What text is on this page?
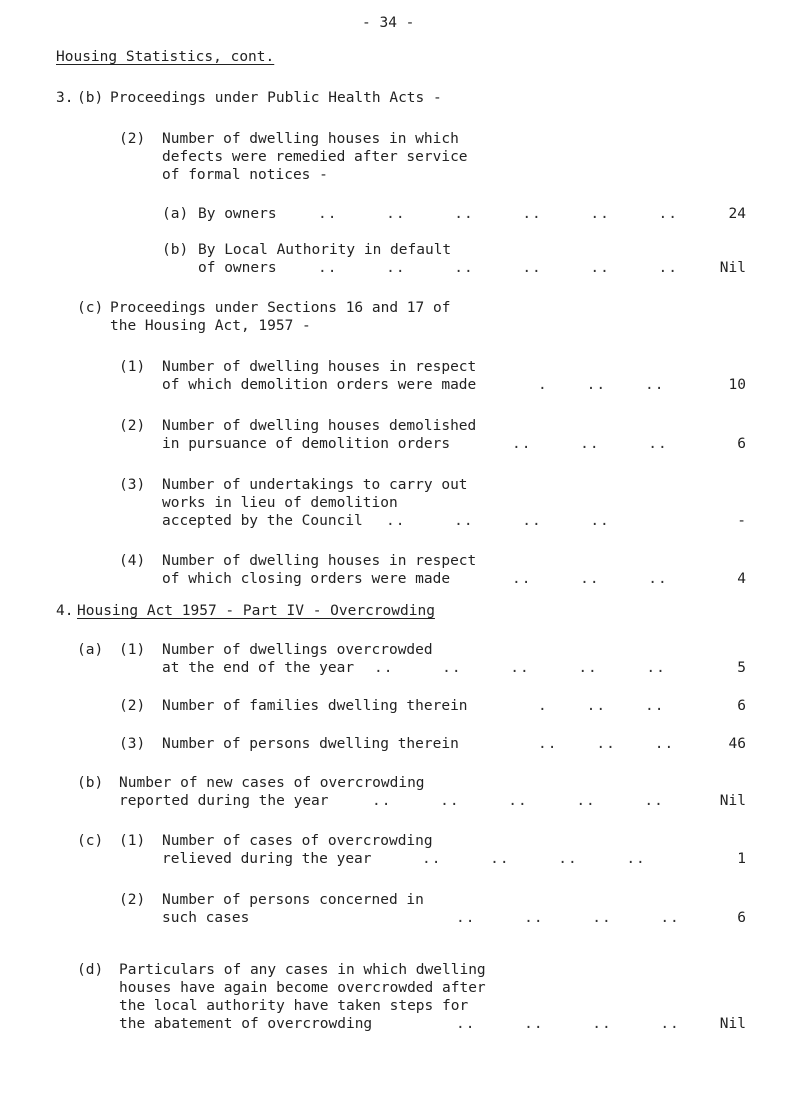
- 34 -
Housing Statistics, cont.
3. (b) Proceedings under Public Health Acts -
(2) Number of dwelling houses in which
defects were remedied after service
of formal notices -
(a) By owners	..     ..     ..     ..     ..     ..	24
(b) By Local Authority in default
of owners	..     ..     ..     ..     ..     ..	Nil
(c) Proceedings under Sections 16 and 17 of
the Housing Act, 1957 -
(1) Number of dwelling houses in respect
of which demolition orders were made	.    ..    ..	10
(2) Number of dwelling houses demolished
in pursuance of demolition orders	..     ..     ..	6
(3) Number of undertakings to carry out
works in lieu of demolition
accepted by the Council ..     ..     ..     ..	-
(4) Number of dwelling houses in respect
of which closing orders were made	..     ..     ..	4
4. Housing Act 1957 - Part IV - Overcrowding
(a) (1) Number of dwellings overcrowded
at the end of the year ..     ..     ..     ..     ..	5
(2) Number of families dwelling therein	.    ..    ..	6
(3) Number of persons dwelling therein	..    ..    ..	46
(b) Number of new cases of overcrowding
reported during the year	..     ..     ..     ..     ..	Nil
(c) (1) Number of cases of overcrowding
relieved during the year	..     ..     ..     ..	1
(2) Number of persons concerned in
such cases	..     ..     ..     ..	6
(d) Particulars of any cases in which dwelling
houses have again become overcrowded after
the local authority have taken steps for
the abatement of overcrowding	..     ..     ..     ..	Nil
